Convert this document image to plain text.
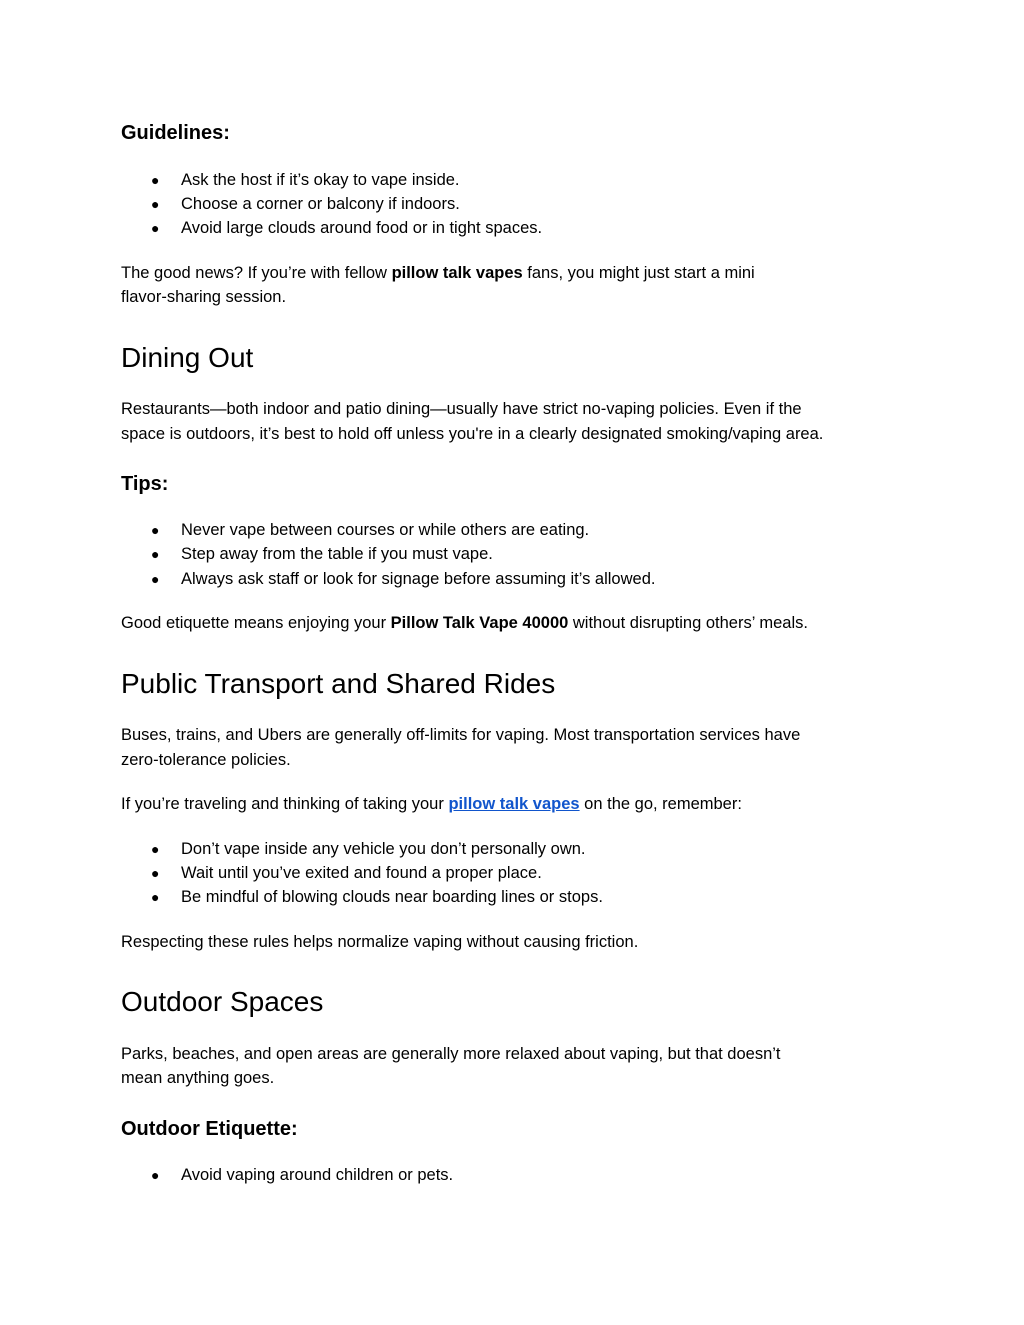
Guidelines:
● Ask the host if it’s okay to vape inside.
● Choose a corner or balcony if indoors.
● Avoid large clouds around food or in tight spaces.

The good news? If you’re with fellow pillow talk vapes fans, you might just start a mini

flavor-sharing session.

Dining Out

Restaurants—both indoor and patio dining—usually have strict no-vaping policies. Even if the

space is outdoors, it’s best to hold off unless you're in a clearly designated smoking/vaping area.

Tips:
● Never vape between courses or while others are eating.
● Step away from the table if you must vape.
● Always ask staff or look for signage before assuming it’s allowed.

Good etiquette means enjoying your Pillow Talk Vape 40000 without disrupting others’ meals.

Public Transport and Shared Rides

Buses, trains, and Ubers are generally off-limits for vaping. Most transportation services have

zero-tolerance policies.

If you’re traveling and thinking of taking your pillow talk vapes on the go, remember:

● Don’t vape inside any vehicle you don’t personally own.
● Wait until you’ve exited and found a proper place.
● Be mindful of blowing clouds near boarding lines or stops.

Respecting these rules helps normalize vaping without causing friction.

Outdoor Spaces

Parks, beaches, and open areas are generally more relaxed about vaping, but that doesn’t

mean anything goes.

Outdoor Etiquette:
● Avoid vaping around children or pets.
